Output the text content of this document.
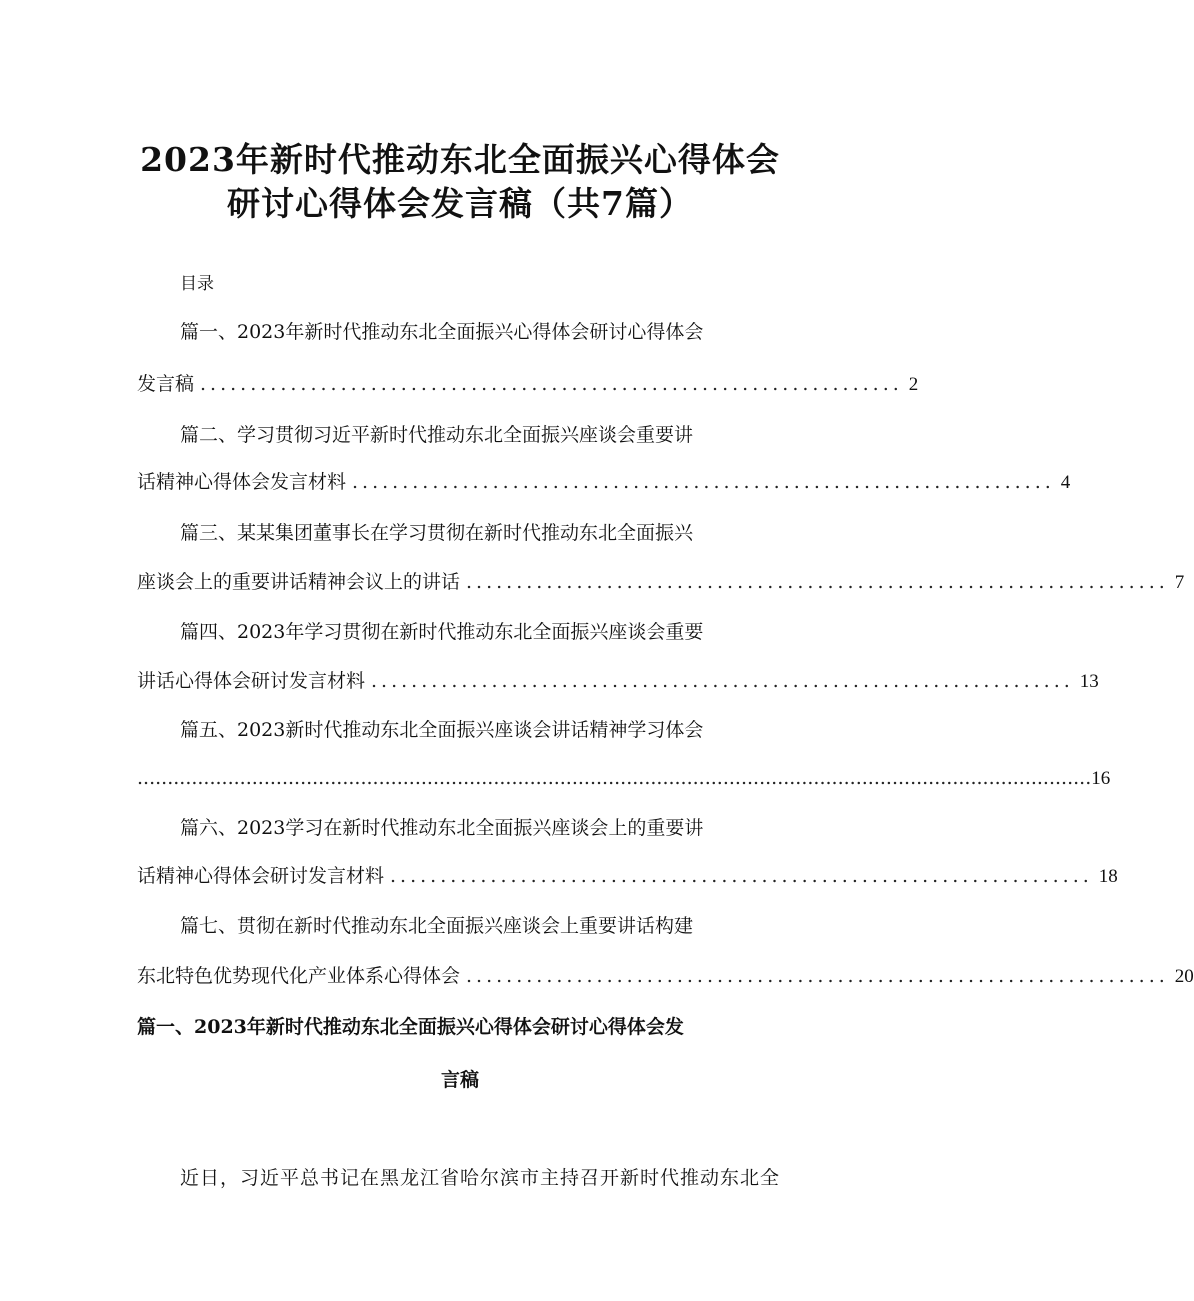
2023年新时代推动东北全面振兴心得体会
研讨心得体会发言稿（共7篇）
目录
篇一、2023年新时代推动东北全面振兴心得体会研讨心得体会
发言稿 ...................................................................... 2
篇二、学习贯彻习近平新时代推动东北全面振兴座谈会重要讲
话精神心得体会发言材料 ...................................................................... 4
篇三、某某集团董事长在学习贯彻在新时代推动东北全面振兴
座谈会上的重要讲话精神会议上的讲话 ...................................................................... 7
篇四、2023年学习贯彻在新时代推动东北全面振兴座谈会重要
讲话心得体会研讨发言材料 ...................................................................... 13
篇五、2023新时代推动东北全面振兴座谈会讲话精神学习体会
.............................................................................................................................................................. 16
篇六、2023学习在新时代推动东北全面振兴座谈会上的重要讲
话精神心得体会研讨发言材料 ...................................................................... 18
篇七、贯彻在新时代推动东北全面振兴座谈会上重要讲话构建
东北特色优势现代化产业体系心得体会 ...................................................................... 20
篇一、2023年新时代推动东北全面振兴心得体会研讨心得体会发
言稿
近日，习近平总书记在黑龙江省哈尔滨市主持召开新时代推动东北全
